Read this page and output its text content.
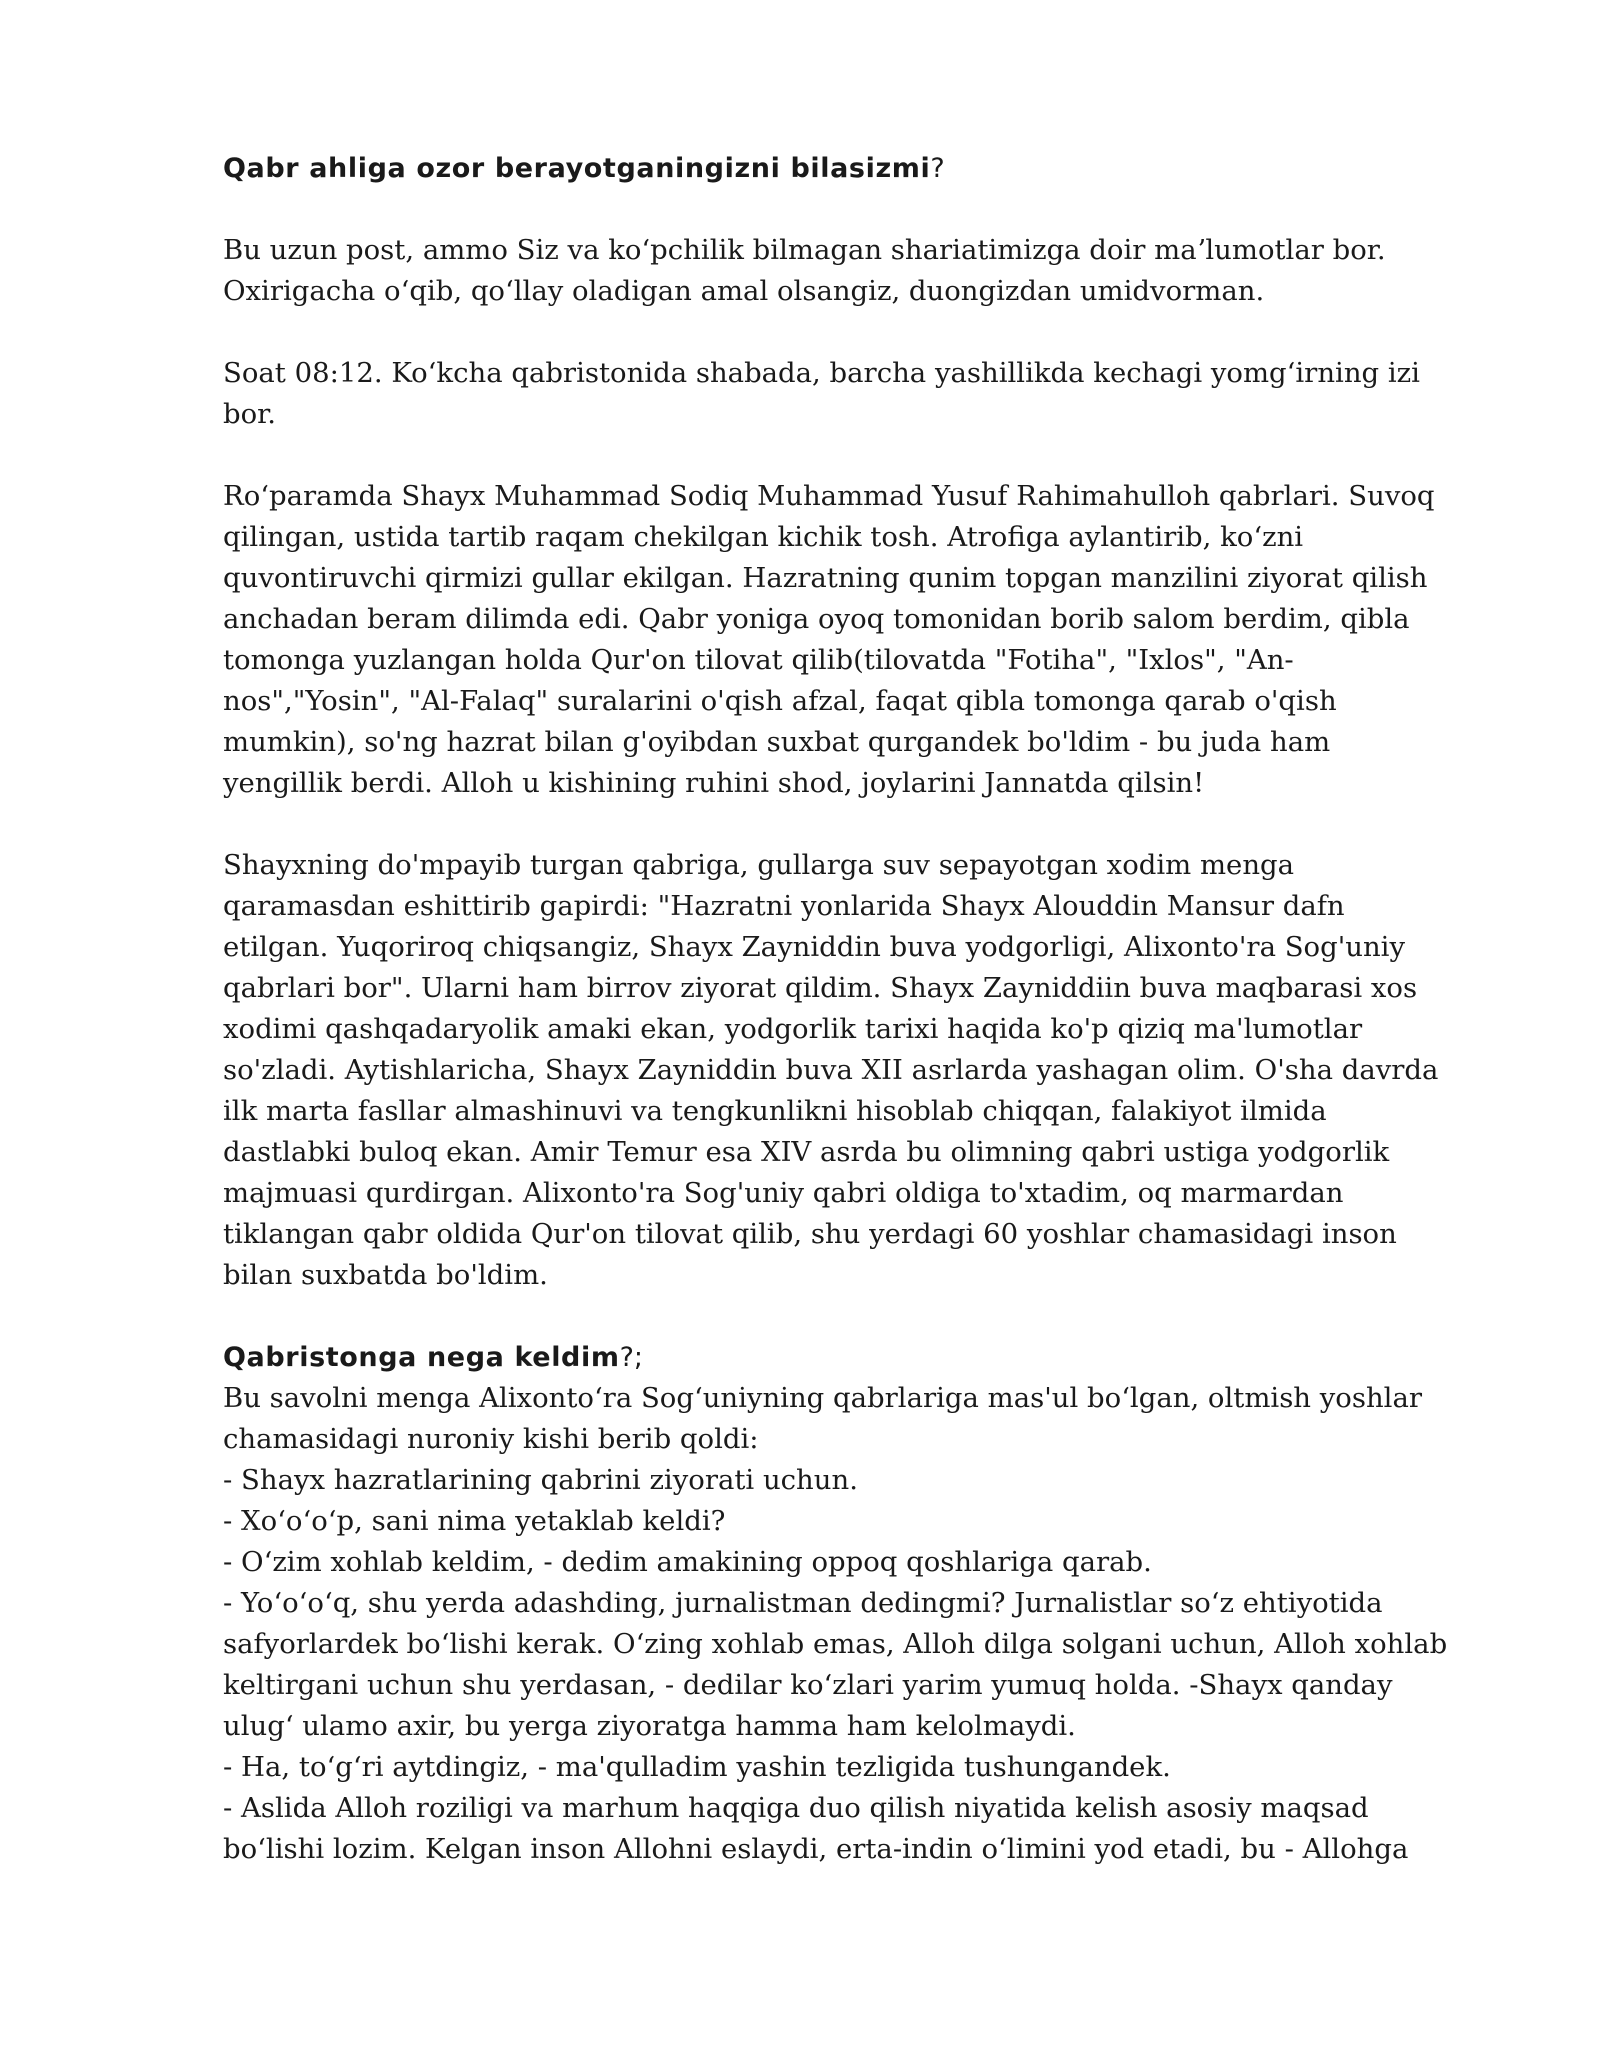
Qabr ahliga ozor berayotganingizni bilasizmi?

Bu uzun post, ammo Siz va koʻpchilik bilmagan shariatimizga doir maʼlumotlar bor.
Oxirigacha oʻqib, qoʻllay oladigan amal olsangiz, duongizdan umidvorman.

Soat 08:12. Koʻkcha qabristonida shabada, barcha yashillikda kechagi yomgʻirning izi
bor.

Roʻparamda Shayx Muhammad Sodiq Muhammad Yusuf Rahimahulloh qabrlari. Suvoq
qilingan, ustida tartib raqam chekilgan kichik tosh. Atrofiga aylantirib, koʻzni
quvontiruvchi qirmizi gullar ekilgan. Hazratning qunim topgan manzilini ziyorat qilish
anchadan beram dilimda edi. Qabr yoniga oyoq tomonidan borib salom berdim, qibla
tomonga yuzlangan holda Qur'on tilovat qilib(tilovatda "Fotiha", "Ixlos", "An-
nos","Yosin", "Al-Falaq" suralarini o'qish afzal, faqat qibla tomonga qarab o'qish
mumkin), so'ng hazrat bilan g'oyibdan suxbat qurgandek bo'ldim - bu juda ham
yengillik berdi. Alloh u kishining ruhini shod, joylarini Jannatda qilsin!

Shayxning do'mpayib turgan qabriga, gullarga suv sepayotgan xodim menga
qaramasdan eshittirib gapirdi: "Hazratni yonlarida Shayx Alouddin Mansur dafn
etilgan. Yuqoriroq chiqsangiz, Shayx Zayniddin buva yodgorligi, Alixonto'ra Sog'uniy
qabrlari bor". Ularni ham birrov ziyorat qildim. Shayx Zayniddiin buva maqbarasi xos
xodimi qashqadaryolik amaki ekan, yodgorlik tarixi haqida ko'p qiziq ma'lumotlar
so'zladi. Aytishlaricha, Shayx Zayniddin buva XII asrlarda yashagan olim. O'sha davrda
ilk marta fasllar almashinuvi va tengkunlikni hisoblab chiqqan, falakiyot ilmida
dastlabki buloq ekan. Amir Temur esa XIV asrda bu olimning qabri ustiga yodgorlik
majmuasi qurdirgan. Alixonto'ra Sog'uniy qabri oldiga to'xtadim, oq marmardan
tiklangan qabr oldida Qur'on tilovat qilib, shu yerdagi 60 yoshlar chamasidagi inson
bilan suxbatda bo'ldim.

Qabristonga nega keldim?;

Bu savolni menga Alixontoʻra Sogʻuniyning qabrlariga mas'ul boʻlgan, oltmish yoshlar
chamasidagi nuroniy kishi berib qoldi:
- Shayx hazratlarining qabrini ziyorati uchun.
- Xoʻoʻoʻp, sani nima yetaklab keldi?
- Oʻzim xohlab keldim, - dedim amakining oppoq qoshlariga qarab.
- Yoʻoʻoʻq, shu yerda adashding, jurnalistman dedingmi? Jurnalistlar soʻz ehtiyotida
safyorlardek boʻlishi kerak. Oʻzing xohlab emas, Alloh dilga solgani uchun, Alloh xohlab
keltirgani uchun shu yerdasan, - dedilar koʻzlari yarim yumuq holda. -Shayx qanday
ulugʻ ulamo axir, bu yerga ziyoratga hamma ham kelolmaydi.
- Ha, toʻgʻri aytdingiz, - ma'qulladim yashin tezligida tushungandek.
- Aslida Alloh roziligi va marhum haqqiga duo qilish niyatida kelish asosiy maqsad
boʻlishi lozim. Kelgan inson Allohni eslaydi, erta-indin oʻlimini yod etadi, bu - Allohga
